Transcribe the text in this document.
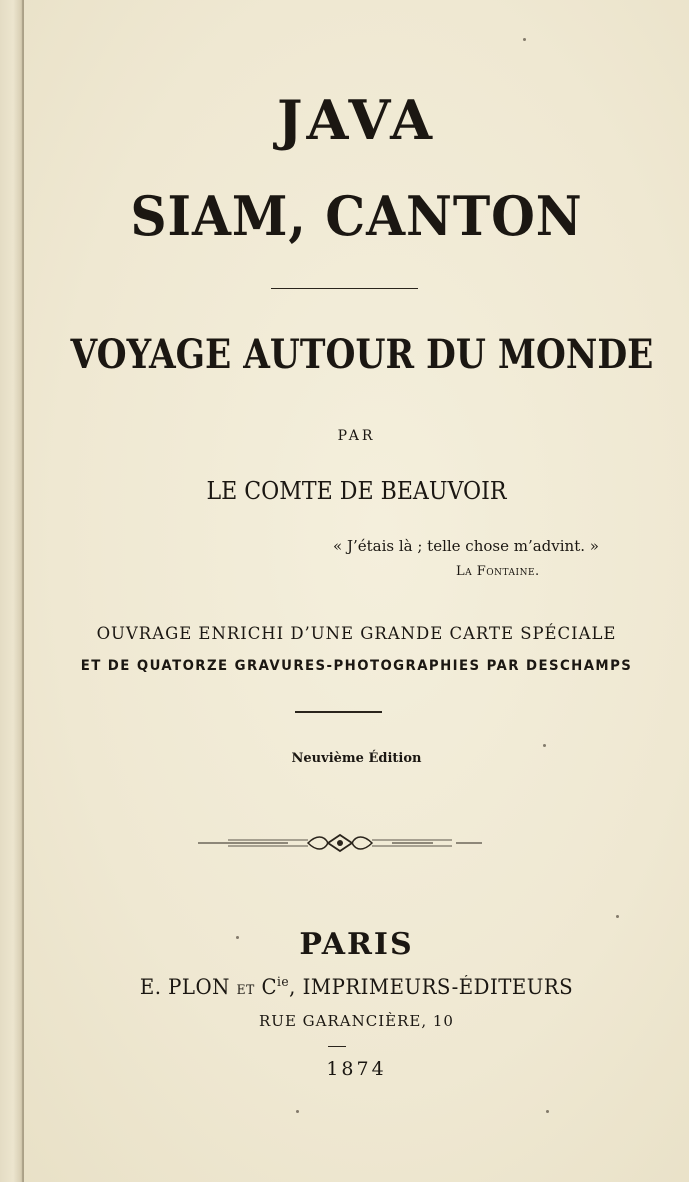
JAVA
SIAM, CANTON
VOYAGE AUTOUR DU MONDE
PAR
LE COMTE DE BEAUVOIR
« J’étais là ; telle chose m’advint. »
La Fontaine.
OUVRAGE ENRICHI D’UNE GRANDE CARTE SPÉCIALE
ET DE QUATORZE GRAVURES-PHOTOGRAPHIES PAR DESCHAMPS
Neuvième Édition
PARIS
E. PLON ET $C^{ie}$, IMPRIMEURS-ÉDITEURS
RUE GARANCIÈRE, 10
1874
